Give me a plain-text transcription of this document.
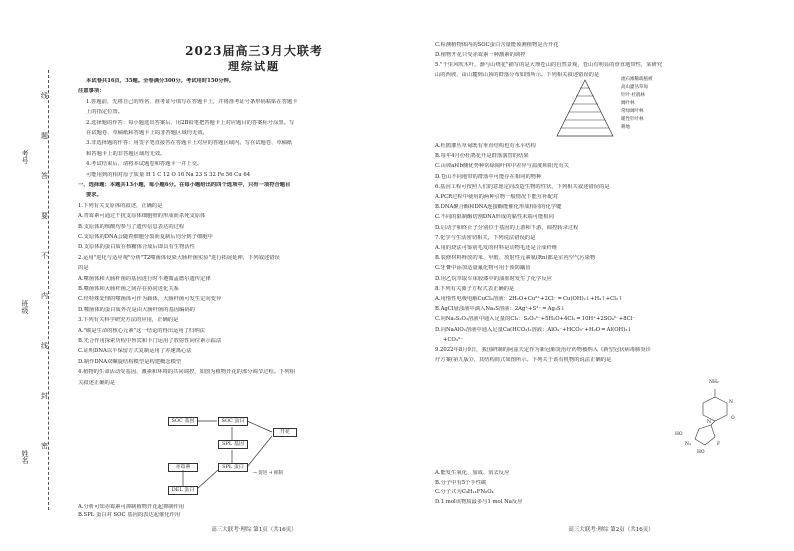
考号
班级
姓名
线
题
答
要
不
内
线
封
密
2023届高三3月大联考
理综试题
本试卷共16页，35题。全卷满分300分。考试用时150分钟。
注意事项：
1.答题前，先将自己的姓名、准考证号填写在答题卡上，并将准考证号条形码粘贴在答题卡
上的指定位置。
2.选择题的作答：每小题选出答案后，用2B铅笔把答题卡上对应题目的答案标号涂黑。写
在试题卷、草稿纸和答题卡上的非答题区域均无效。
3.非选择题的作答：用签字笔直接答在答题卡上对应的答题区域内。写在试题卷、草稿纸
和答题卡上的非答题区域均无效。
4.考试结束后，请将本试题卷和答题卡一并上交。
可能用到的相对原子质量 H 1 C 12 O 16 Na 23 S 32 Fe 56 Cu 64
一、选择题：本题共13小题，每小题6分。在每小题给出的四个选项中，只有一项符合题目
要求。
1.下列有关支原体的叙述，正确的是
A.青霉素可通过干扰支原体细胞壁的形成而杀死支原体
B.支原体的核酸均参与了遗传信息表达的过程
C.支原体的DNA会随着细胞分裂而复制后均分到子细胞中
D.支原体的蛋白质在核糖体合成后即具有生物活性
2.运用"进化与适应观"分析"T2噬菌体侵染大肠杆菌实验"进行拓展延伸，下列叙述错误
的是
A.噬菌体和大肠杆菌的基因进行时不遵循孟德尔遗传定律
B.噬菌体和大肠杆菌之间存在协同进化关系
C.经特殊处理的噬菌体可作为载体，大肠杆菌可发生定向变异
D.噬菌体的蛋白质外壳是由大肠杆菌的基因编码的
3.下列有关科学研究方法的应用，正确的是
A."碳是生命的核心元素"这一结论的得出运用了归纳法
B.光合作用探索历程中鲁宾和卡门运用了放射性同位素示踪法
C.证明DNA以半保留方式复制运用了差速离心法
D.制作DNA双螺旋结构模型是构建概念模型
4.植物的生命活动受基因、激素和环境的共同调控，如图为植物开花的部分调节过程。下列相
关叙述正确的是
SOC 基因	SOC 蛋白
SPL 基因
SPL 蛋白
开花
赤霉素
DEL 蛋白
→ 促进 ⊣ 抑制
A.分析可知赤霉素可抑制植物开花起抑制作用
B.SPL 蛋白对 SOC 基因的表达起催化作用
高三大联考·理综 第1页（共16页）
C.检测植物体内的SOC蛋白含量能预测植物是否开花
D.植物开花只受赤霉素一种激素的调控
5."千里风吹木叶，渐与山绕花"描写的是大理苍山的自然景观，苍山有明显的垂直地带性，某研究
山的西坡，由山麓到山顶的群落分布如图所示。下列相关叙述错误的是
流石滩稀疏植被
高山灌丛草甸
针叶-杜鹃林
阔叶林
常绿阔叶林
暖性针叶林
耕地
A.杜鹃灌丛草甸既有垂直结构也有水平结构
B.每年4月份杜鹃花开是群落演替的结果
C.山坡a和b侧优势种常绿阔叶林中差异与温度和阳光有关
D.苍山不同地带的群落中可能存在相同的物种
6.基因工程可按照人们的意愿定向改造生物的性状，下列相关叙述错误的是
A.PCR过程中使用的两种引物一般情况下能互补配对
B.DNA聚合酶和DNA连接酶能催化形成相同的化学键
C.不同的限制酶切割DNA形成的黏性末端可能相同
D.启动子和终止子分别位于基因的上游和下游，调控转录过程
7.化学与生活密切相关，下列说法错误的是
A.用的烧法可鉴别毛发的材料是动物毛还是合成纤维
B.装修材料释放的苯、甲醛、放射性元素氡(Rn)都是室内空气污染物
C.牙膏中添加适量氟化物可用于预防龋齿
D.用乙烷萃取车床胶漆中的油墨时发生了化学反应
8.下列有关离子方程式表正确的是
A.用惰性电极电解CuCl₂溶液：2H₂O+Cu²⁺+2Cl⁻ ═ Cu(OH)₂↓+H₂↑+Cl₂↑
B.AgCl悬浊液中滴入Na₂S溶液：2Ag⁺+S²⁻ ═ Ag₂S↓
C.向Na₂S₂O₃溶液中通入足量的Cl₂：S₂O₃²⁻+5H₂O+4Cl₂ ═ 10H⁺+2SO₄²⁻+8Cl⁻
D.向NaAlO₂溶液中通入足量Ca(HCO₃)₂溶液：AlO₂⁻+HCO₃⁻+H₂O ═ Al(OH)₃↓
+CO₃²⁻
9.2022年8月9日，我国研制的阿兹夫定作为新冠肺炎治疗药物被纳入《新型冠状病毒肺炎诊
疗方案(第九版)》，其结构简式如图所示。下列关于该有机物的说法正确的是
NH₂
N
N
O
HO
N₃	F
HO
A.能发生氧化、加成、消去反应
B.分子中有5个手性碳
C.分子式为C₉H₁₁FN₆O₄
D.1 mol该物质最多与1 mol Na反应
高三大联考·理综 第2页（共16页）
